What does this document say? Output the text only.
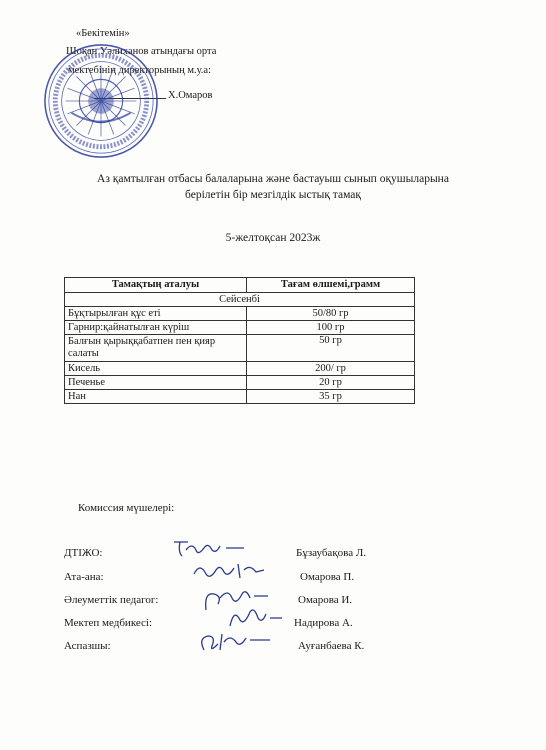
«Бекітемін»
Шоқан Уәлиханов атындағы орта
мектебінің директорының м.у.а:
Х.Омаров
Аз қамтылған отбасы балаларына және бастауыш сынып оқушыларына
берілетін бір мезгілдік ыстық тамақ
5-желтоқсан 2023ж
Тамақтың аталуы	Тағам өлшемі,грамм
Сейсенбі	
Бұқтырылған құс еті	50/80 гр
Гарнир:қайнатылған күріш	100 гр
Балғын қырыққабатпен пен қияр салаты	50 гр
Кисель	200/ гр
Печенье	20 гр
Нан	35 гр
Комиссия мүшелері:
ДТІЖО:	Бұзаубақова Л.
Ата-ана:	Омарова П.
Әлеуметтік педагог:	Омарова И.
Мектеп медбикесі:	Надирова А.
Аспазшы:	Ауғанбаева К.
